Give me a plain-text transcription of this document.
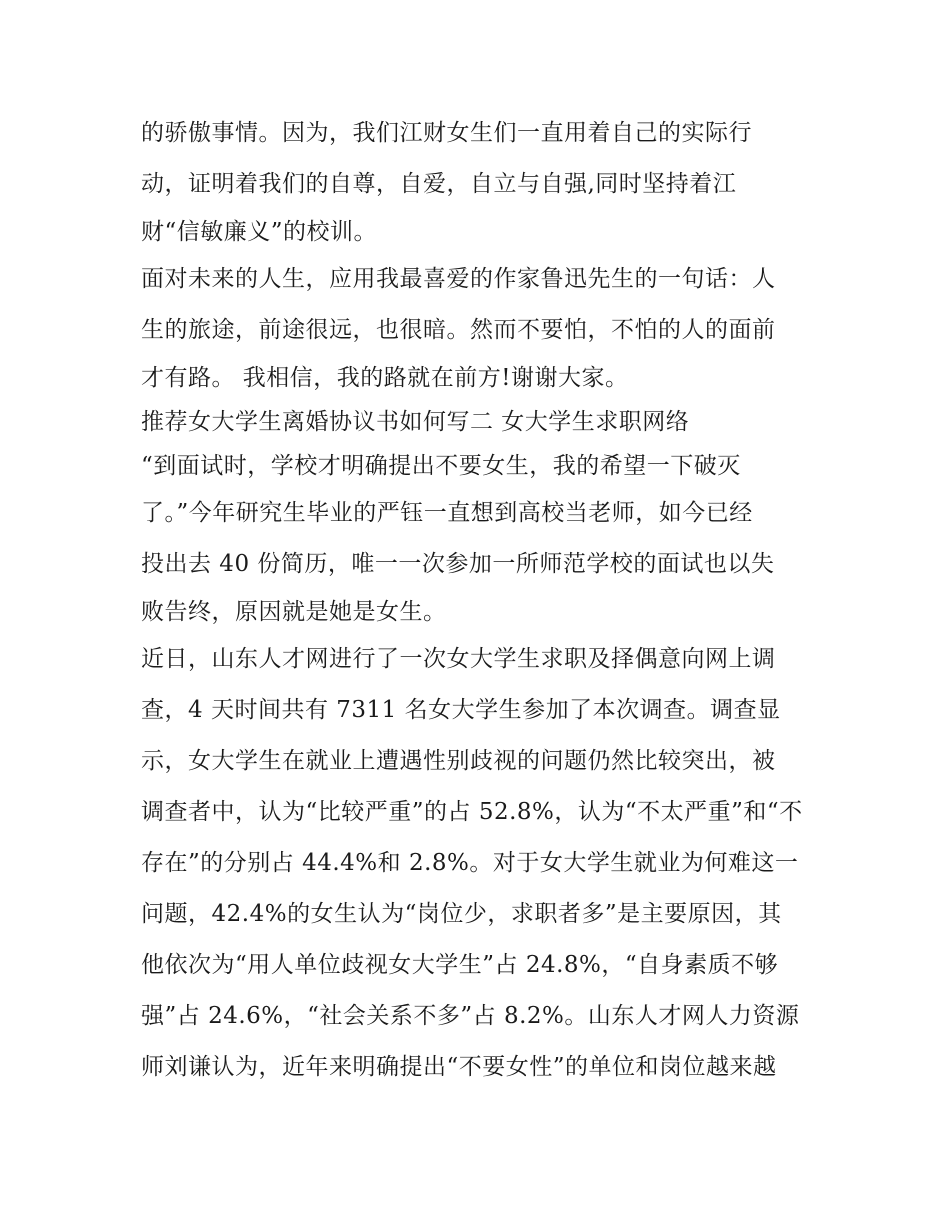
的骄傲事情。因为，我们江财女生们一直用着自己的实际行
动，证明着我们的自尊，自爱，自立与自强,同时坚持着江
财“信敏廉义”的校训。
面对未来的人生，应用我最喜爱的作家鲁迅先生的一句话：人
生的旅途，前途很远，也很暗。然而不要怕，不怕的人的面前
才有路。 我相信，我的路就在前方!谢谢大家。
推荐女大学生离婚协议书如何写二 女大学生求职网络
“到面试时，学校才明确提出不要女生，我的希望一下破灭
了。”今年研究生毕业的严钰一直想到高校当老师，如今已经
投出去 40 份简历，唯一一次参加一所师范学校的面试也以失
败告终，原因就是她是女生。
近日，山东人才网进行了一次女大学生求职及择偶意向网上调
查，4 天时间共有 7311 名女大学生参加了本次调查。调查显
示，女大学生在就业上遭遇性别歧视的问题仍然比较突出，被
调查者中，认为“比较严重”的占 52.8%，认为“不太严重”和“不
存在”的分别占 44.4%和 2.8%。对于女大学生就业为何难这一
问题，42.4%的女生认为“岗位少，求职者多”是主要原因，其
他依次为“用人单位歧视女大学生”占 24.8%，“自身素质不够
强”占 24.6%，“社会关系不多”占 8.2%。山东人才网人力资源
师刘谦认为，近年来明确提出“不要女性”的单位和岗位越来越
